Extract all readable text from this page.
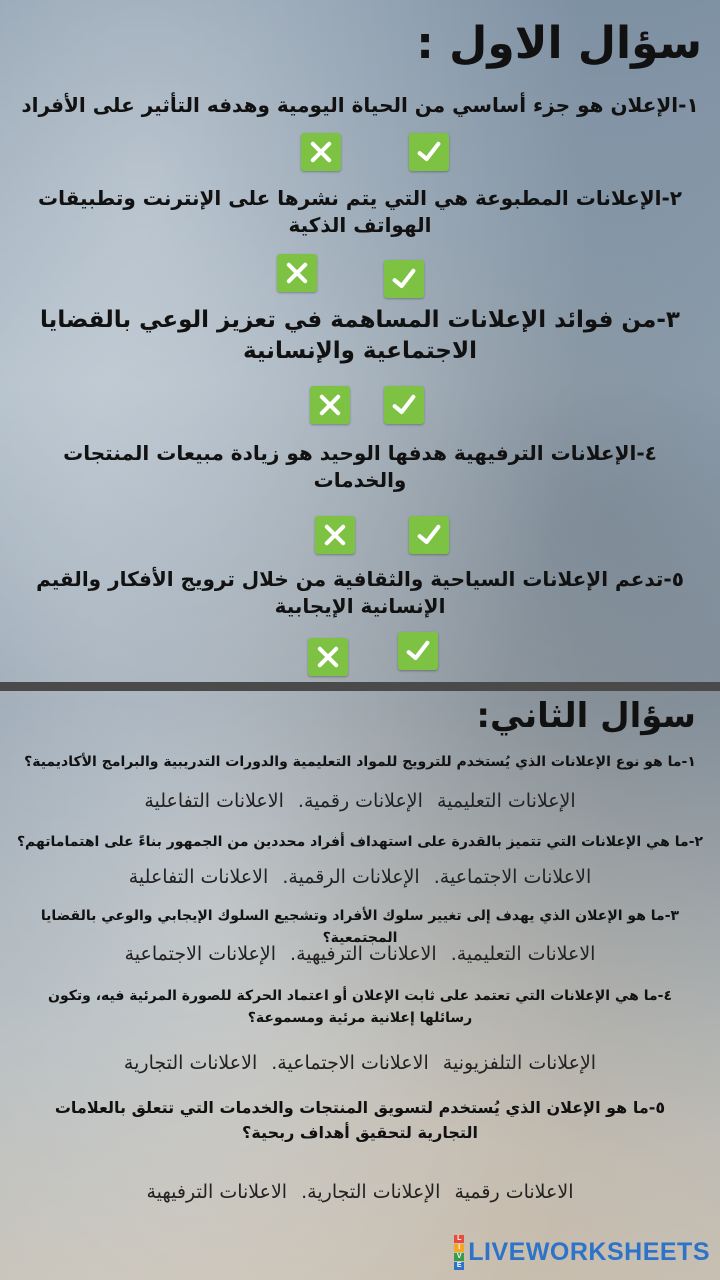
سؤال الاول :
١-الإعلان هو جزء أساسي من الحياة اليومية وهدفه التأثير على الأفراد
٢-الإعلانات المطبوعة هي التي يتم نشرها على الإنترنت وتطبيقات الهواتف الذكية
٣-من فوائد الإعلانات المساهمة في تعزيز الوعي بالقضايا الاجتماعية والإنسانية
٤-الإعلانات الترفيهية هدفها الوحيد هو زيادة مبيعات المنتجات والخدمات
٥-تدعم الإعلانات السياحية والثقافية من خلال ترويج الأفكار والقيم الإنسانية الإيجابية
سؤال الثاني:
١-ما هو نوع الإعلانات الذي يُستخدم للترويج للمواد التعليمية والدورات التدريبية والبرامج الأكاديمية؟
الإعلانات التعليمية الإعلانات رقمية. الاعلانات التفاعلية
٢-ما هي الإعلانات التي تتميز بالقدرة على استهداف أفراد محددين من الجمهور بناءً على اهتماماتهم؟
الاعلانات الاجتماعية. الإعلانات الرقمية. الاعلانات التفاعلية
٣-ما هو الإعلان الذي يهدف إلى تغيير سلوك الأفراد وتشجيع السلوك الإيجابي والوعي بالقضايا المجتمعية؟
الاعلانات التعليمية. الاعلانات الترفيهية. الإعلانات الاجتماعية
٤-ما هي الإعلانات التي تعتمد على ثابت الإعلان أو اعتماد الحركة للصورة المرئية فيه، وتكون رسائلها إعلانية مرئية ومسموعة؟
الإعلانات التلفزيونية الاعلانات الاجتماعية. الاعلانات التجارية
٥-ما هو الإعلان الذي يُستخدم لتسويق المنتجات والخدمات التي تتعلق بالعلامات التجارية لتحقيق أهداف ربحية؟
الاعلانات رقمية الإعلانات التجارية. الاعلانات الترفيهية
L
I
V
E LIVEWORKSHEETS
